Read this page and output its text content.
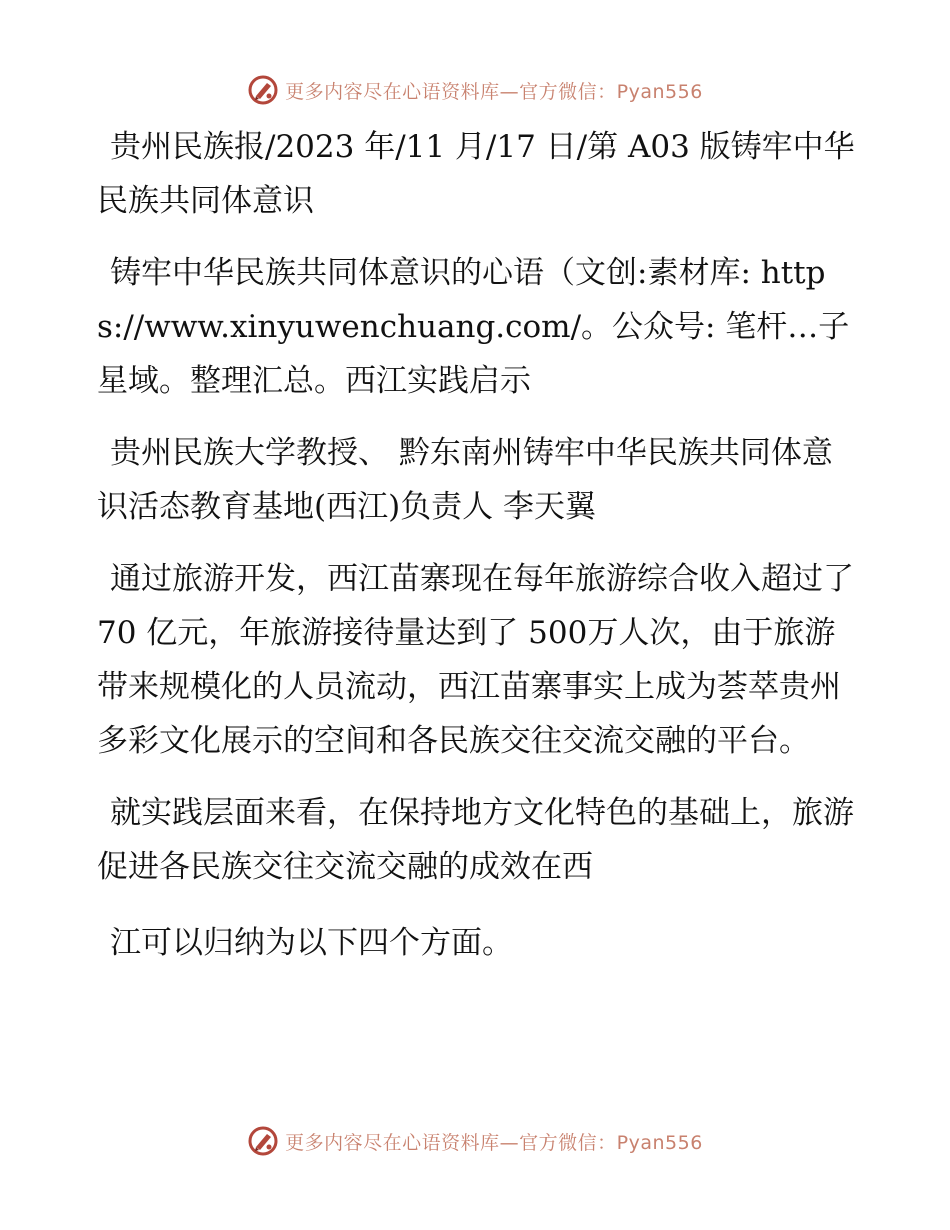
更多内容尽在心语资料库—官方微信：Pyan556

贵州民族报/2023 年/11 月/17 日/第 A03 版铸牢中华民族共同体意识

铸牢中华民族共同体意识的心语（文创:素材库: https://www.xinyuwenchuang.com/。公众号: 笔杆…子星域。整理汇总。西江实践启示

贵州民族大学教授、 黔东南州铸牢中华民族共同体意识活态教育基地(西江)负责人 李天翼

通过旅游开发，西江苗寨现在每年旅游综合收入超过了 70 亿元，年旅游接待量达到了 500万人次，由于旅游带来规模化的人员流动，西江苗寨事实上成为荟萃贵州多彩文化展示的空间和各民族交往交流交融的平台。

就实践层面来看，在保持地方文化特色的基础上，旅游促进各民族交往交流交融的成效在西

江可以归纳为以下四个方面。

更多内容尽在心语资料库—官方微信：Pyan556
